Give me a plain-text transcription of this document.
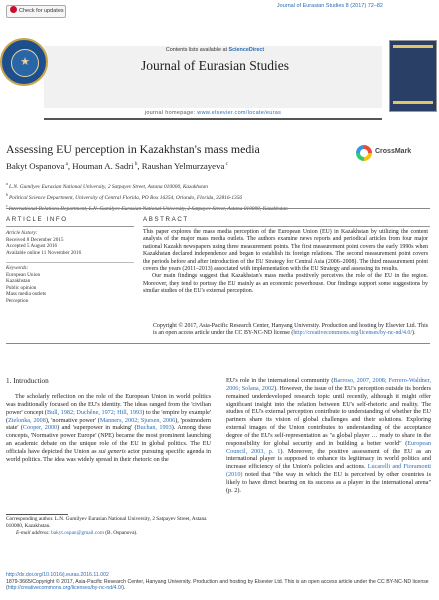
Check for updates
Journal of Eurasian Studies 8 (2017) 72–82
★
Contents lists available at ScienceDirect
Journal of Eurasian Studies
journal homepage: www.elsevier.com/locate/euras
Assessing EU perception in Kazakhstan's mass media
Bakyt Ospanova $^a$, Houman A. Sadri $^b$, Raushan Yelmurzayeva $^c$
CrossMark
$^a$ L.N. Gumilyev Eurasian National University, 2 Satpayev Street, Astana 010000, Kazakhstan
$^b$ Political Science Department, University of Central Florida, PO Box 16354, Orlando, Florida, 32816-1356
$^c$ International Relations Department, L.N. Gumilyev Eurasian National University, 2 Satpayev Street, Astana 010000, Kazakhstan
ARTICLE INFO	ABSTRACT
Article history:
Received 8 December 2015
Accepted 5 August 2016
Available online 11 November 2016
Keywords:
European Union
Kazakhstan
Public opinion
Mass media outlets
Perception

This paper explores the mass media perception of the European Union (EU) in Kazakhstan by utilizing the content analysis of the major mass media outlets. The authors examine news reports and periodical articles from four major national Kazakh newspapers using three measurement points. The first measurement point covers the early 1990s when Kazakhstan declared independence and began to establish its foreign relations. The second measurement point covers the periods before and after introduction of the EU Strategy for Central Asia (2006–2008). The third measurement point covers the years (2011–2013) associated with implementation with the EU Strategy and assessing its results.

Our main findings suggest that Kazakhstan's mass media positively perceives the role of the EU in the region. Moreover, they tend to portray the EU mainly as an economic powerhouse. Our findings support some suggestions by similar studies of the EU's external perception.

Copyright © 2017, Asia-Pacific Research Center, Hanyang University. Production and hosting by Elsevier Ltd. This is an open access article under the CC BY-NC-ND license (http://creativecommons.org/licenses/by-nc-nd/4.0/).
1. Introduction

The scholarly reflection on the role of the European Union in world politics was traditionally focused on the EU's identity. The ideas ranged from the 'civilian power' concept (Bull, 1982; Duchêne, 1972; Hill, 1993) to the 'empire by example' (Zielonka, 2008), 'normative power' (Manners, 2002; Sjursen, 2006), 'postmodern state' (Cooper, 2000) and 'superpower in making' (Buchan, 1993). Among these concepts, 'Normative power Europe' (NPE) became the most prominent launching an academic debate on the unique role of the EU in global politics. The EU officials have depicted the Union as sui generis actor pursuing specific agenda in world politics. The idea was widely spread in their rhetoric on the

EU's role in the international community (Barroso, 2007, 2008; Ferrero-Waldner, 2006; Solana, 2002). However, the issue of the EU's perception outside its borders remained underdeveloped research topic until recently, although it might offer significant insight into the relation between EU's self-rhetoric and reality. The studies of EU's external perception contribute to understanding of whether the EU partners share its vision of global challenges and their solutions. Exploring external images of the Union contributes to understanding of the acceptance degree of the EU's self-representation as "a global player … ready to share in the responsibility for global security and in building a better world" (European Council, 2003, p. 1). Moreover, the positive assessment of the EU as an international player is supposed to enhance its legitimacy in world politics and increase efficiency of the Union's policies and actions. Lucarelli and Fioramonti (2010) noted that "the way in which the EU is perceived by other countries is likely to have direct bearing on its success as a player in the international arena" (p. 2).

Corresponding author. L.N. Gumilyev Eurasian National University, 2 Satpayev Street, Astana 010000, Kazakhstan.
E-mail address: bakyt.ospan@gmail.com (B. Ospanova).
http://dx.doi.org/10.1016/j.euras.2016.11.002
1879-3665/Copyright © 2017, Asia-Pacific Research Center, Hanyang University. Production and hosting by Elsevier Ltd. This is an open access article under the CC BY-NC-ND license (http://creativecommons.org/licenses/by-nc-nd/4.0/).
